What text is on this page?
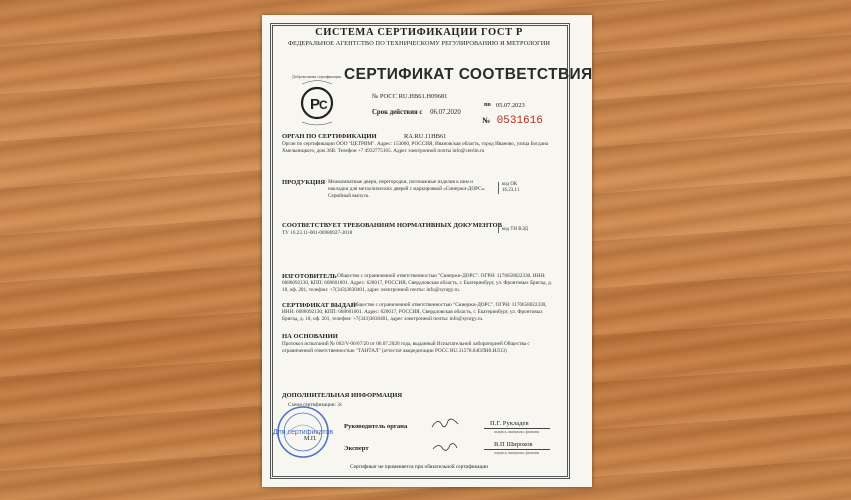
СИСТЕМА СЕРТИФИКАЦИИ ГОСТ Р
ФЕДЕРАЛЬНОЕ АГЕНТСТВО ПО ТЕХНИЧЕСКОМУ РЕГУЛИРОВАНИЮ И МЕТРОЛОГИИ
Р
С
Добровольная сертификация СЕРТИФИКАТ СООТВЕТСТВИЯ
№ РОСС RU.НВ61.Н09681
Срок действия с 06.07.2020
по 05.07.2023
№ 0531616
ОРГАН ПО СЕРТИФИКАЦИИ	RA.RU.11НВ61
Орган по сертификации ООО "ЦЕТРИМ". Адрес: 153000, РОССИЯ, Ивановская область, город Иваново, улица Богдана Хмельницкого, дом 36В. Телефон +7 4932775165. Адрес электронной почты info@cetrim.ru
ПРОДУКЦИЯ Межкомнатные двери, перегородки, погонажные изделия к ним и накладки для металлических дверей с маркировкой «Синержи-ДОРС». Серийный выпуск.
код ОК
16.23.11
СООТВЕТСТВУЕТ ТРЕБОВАНИЯМ НОРМАТИВНЫХ ДОКУМЕНТОВ
ТУ 16.23.11-001-06980927-2018
код ТН ВЭД
ИЗГОТОВИТЕЛЬ Общество с ограниченной ответственностью "Синержи-ДОРС". ОГРН: 1176658022330, ИНН: 6686092130, КПП: 668601001. Адрес: 620017, РОССИЯ, Свердловская область, г. Екатеринбург, ул. Фронтовых Бригад, д. 18, оф. 201, телефон: +7(343)3830401, адрес электронной почты: info@synrgy.ru.
СЕРТИФИКАТ ВЫДАН
Общество с ограниченной ответственностью "Синержи-ДОРС". ОГРН: 1176658022330, ИНН: 6686092130, КПП: 668601001. Адрес: 620017, РОССИЯ, Свердловская область, г. Екатеринбург, ул. Фронтовых Бригад, д. 18, оф. 201, телефон: +7(343)3830401, адрес электронной почты: info@synrgy.ru.
НА ОСНОВАНИИ
Протокол испытаний № 002/V-06/07/20 от 06.07.2020 года, выданный Испытательной лабораторией Общества с ограниченной ответственностью "ТАНТАЛ" (аттестат аккредитации РОСС RU.31578.04ОЛН0.ИЛ13)
ДОПОЛНИТЕЛЬНАЯ ИНФОРМАЦИЯ
Схема сертификации: 3с
Для сертификатов
М.П.
Руководитель органа	П.Г. Рукладев
подпись, инициалы, фамилия
Эксперт
В.П Широков
подпись, инициалы, фамилия
Сертификат не применяется при обязательной сертификации
